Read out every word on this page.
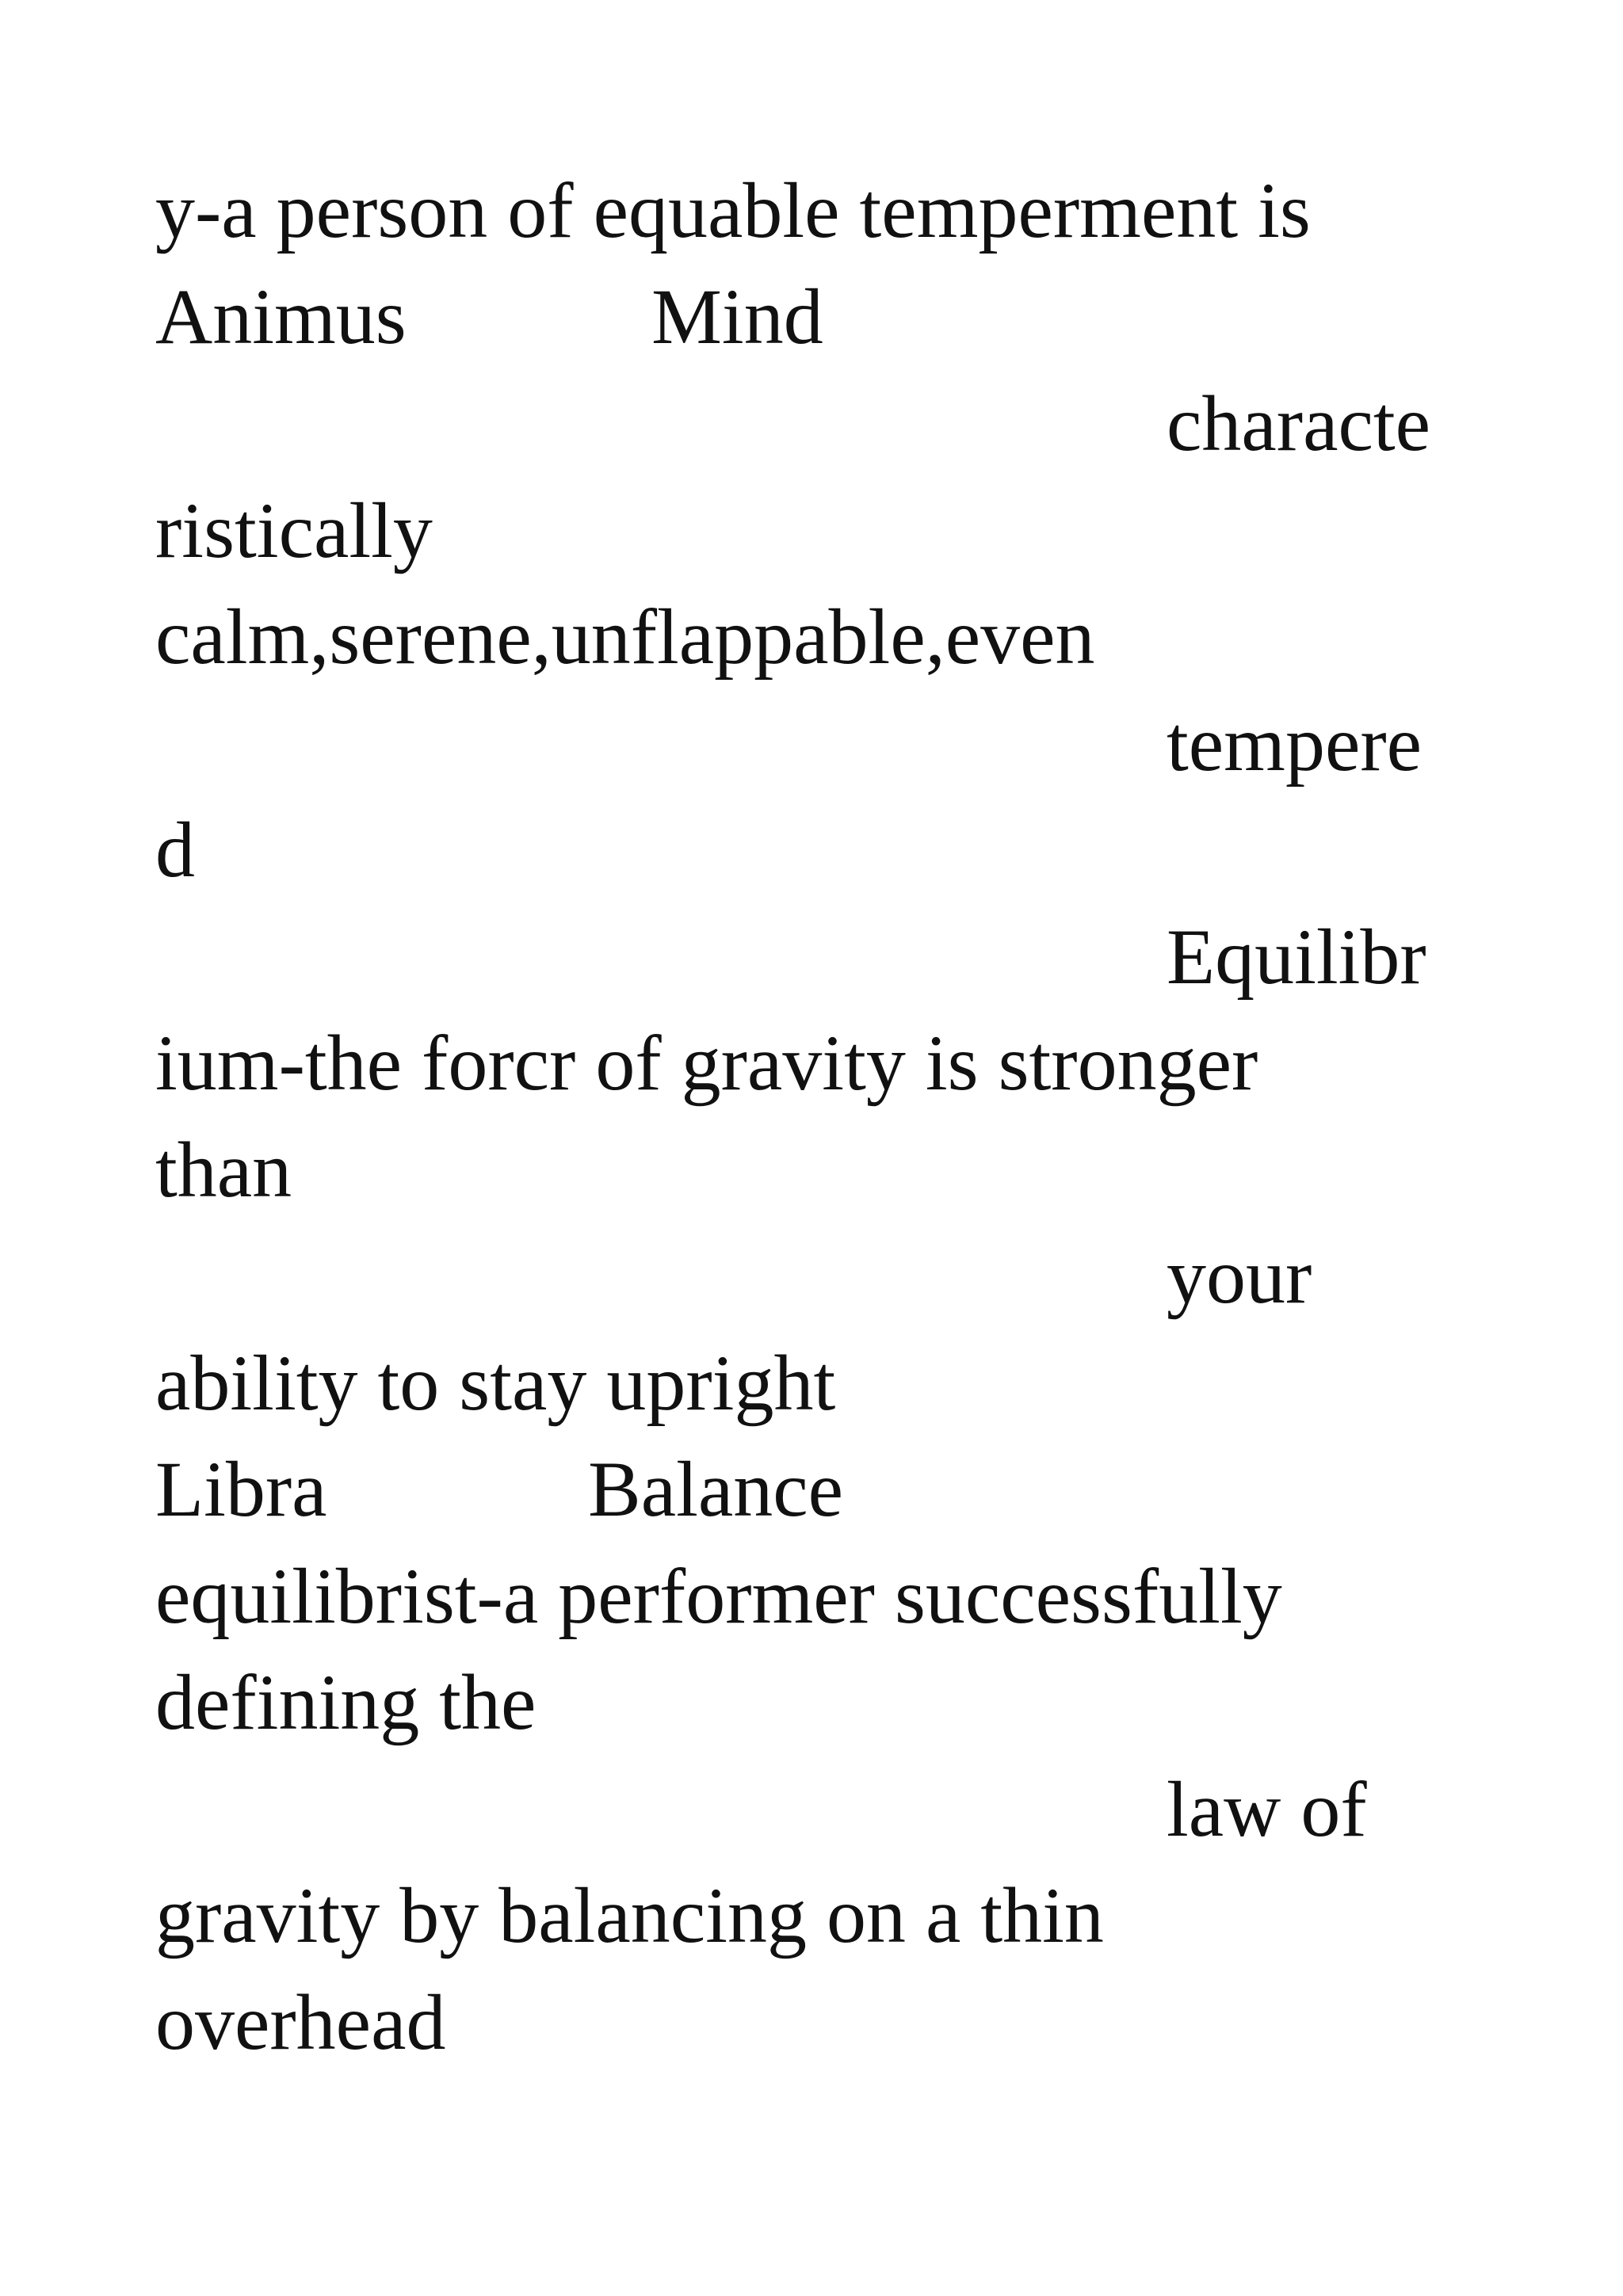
y-a person of equable temperment is
Animus	Mind
characte
ristically
calm,serene,unflappable,even
tempere
d
Equilibr
ium-the forcr of gravity is stronger
than
your
ability to stay upright
Libra	Balance
equilibrist-a performer successfully
defining the
law of
gravity by balancing on a thin
overhead
